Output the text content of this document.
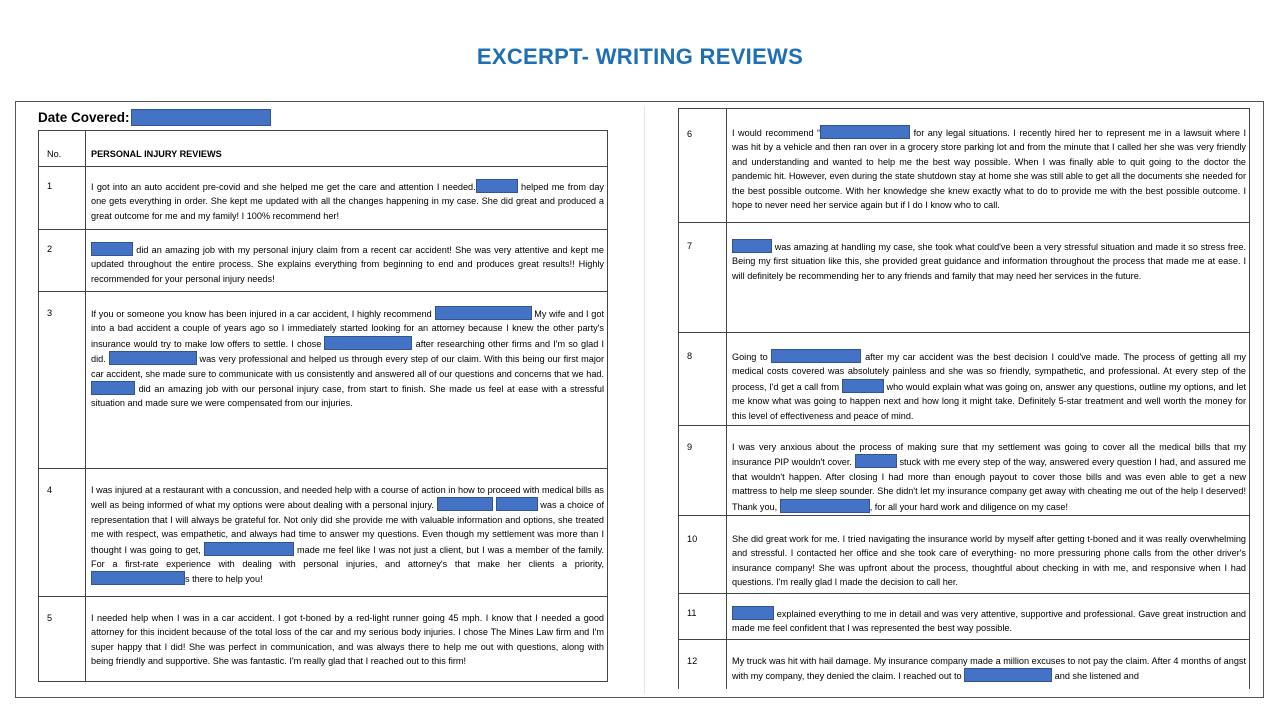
EXCERPT- WRITING REVIEWS
Date Covered:
No.	PERSONAL INJURY REVIEWS
1	I got into an auto accident pre-covid and she helped me get the care and attention I needed. helped me from day one gets everything in order. She kept me updated with all the changes happening in my case. She did great and produced a great outcome for me and my family! I 100% recommend her!
2	did an amazing job with my personal injury claim from a recent car accident! She was very attentive and kept me updated throughout the entire process. She explains everything from beginning to end and produces great results!! Highly recommended for your personal injury needs!
3	If you or someone you know has been injured in a car accident, I highly recommend My wife and I got into a bad accident a couple of years ago so I immediately started looking for an attorney because I knew the other party's insurance would try to make low offers to settle. I chose after researching other firms and I'm so glad I did. was very professional and helped us through every step of our claim. With this being our first major car accident, she made sure to communicate with us consistently and answered all of our questions and concerns that we had.  did an amazing job with our personal injury case, from start to finish. She made us feel at ease with a stressful situation and made sure we were compensated from our injuries.
4	I was injured at a restaurant with a concussion, and needed help with a course of action in how to proceed with medical bills as well as being informed of what my options were about dealing with a personal injury. was a choice of representation that I will always be grateful for. Not only did she provide me with valuable information and options, she treated me with respect, was empathetic, and always had time to answer my questions. Even though my settlement was more than I thought I was going to get, made me feel like I was not just a client, but I was a member of the family. For a first-rate experience with dealing with personal injuries, and attorney's that make her clients a priority, s there to help you!
5	I needed help when I was in a car accident. I got t-boned by a red-light runner going 45 mph. I know that I needed a good attorney for this incident because of the total loss of the car and my serious body injuries. I chose The Mines Law firm and I'm super happy that I did! She was perfect in communication, and was always there to help me out with questions, along with being friendly and supportive. She was fantastic. I'm really glad that I reached out to this firm!
6	I would recommend “ for any legal situations. I recently hired her to represent me in a lawsuit where I was hit by a vehicle and then ran over in a grocery store parking lot and from the minute that I called her she was very friendly and understanding and wanted to help me the best way possible. When I was finally able to quit going to the doctor the pandemic hit. However, even during the state shutdown stay at home she was still able to get all the documents she needed for the best possible outcome. With her knowledge she knew exactly what to do to provide me with the best possible outcome. I hope to never need her service again but if I do I know who to call.
7	was amazing at handling my case, she took what could've been a very stressful situation and made it so stress free. Being my first situation like this, she provided great guidance and information throughout the process that made me at ease. I will definitely be recommending her to any friends and family that may need her services in the future.
8	Going to after my car accident was the best decision I could've made. The process of getting all my medical costs covered was absolutely painless and she was so friendly, sympathetic, and professional. At every step of the process, I'd get a call from who would explain what was going on, answer any questions, outline my options, and let me know what was going to happen next and how long it might take. Definitely 5-star treatment and well worth the money for this level of effectiveness and peace of mind.
9	I was very anxious about the process of making sure that my settlement was going to cover all the medical bills that my insurance PIP wouldn't cover. stuck with me every step of the way, answered every question I had, and assured me that wouldn't happen. After closing I had more than enough payout to cover those bills and was even able to get a new mattress to help me sleep sounder. She didn't let my insurance company get away with cheating me out of the help I deserved! Thank you, , for all your hard work and diligence on my case!
10	She did great work for me. I tried navigating the insurance world by myself after getting t-boned and it was really overwhelming and stressful. I contacted her office and she took care of everything- no more pressuring phone calls from the other driver's insurance company! She was upfront about the process, thoughtful about checking in with me, and responsive when I had questions. I'm really glad I made the decision to call her.
11	explained everything to me in detail and was very attentive, supportive and professional. Gave great instruction and made me feel confident that I was represented the best way possible.
12	My truck was hit with hail damage. My insurance company made a million excuses to not pay the claim. After 4 months of angst with my company, they denied the claim. I reached out to and she listened and
